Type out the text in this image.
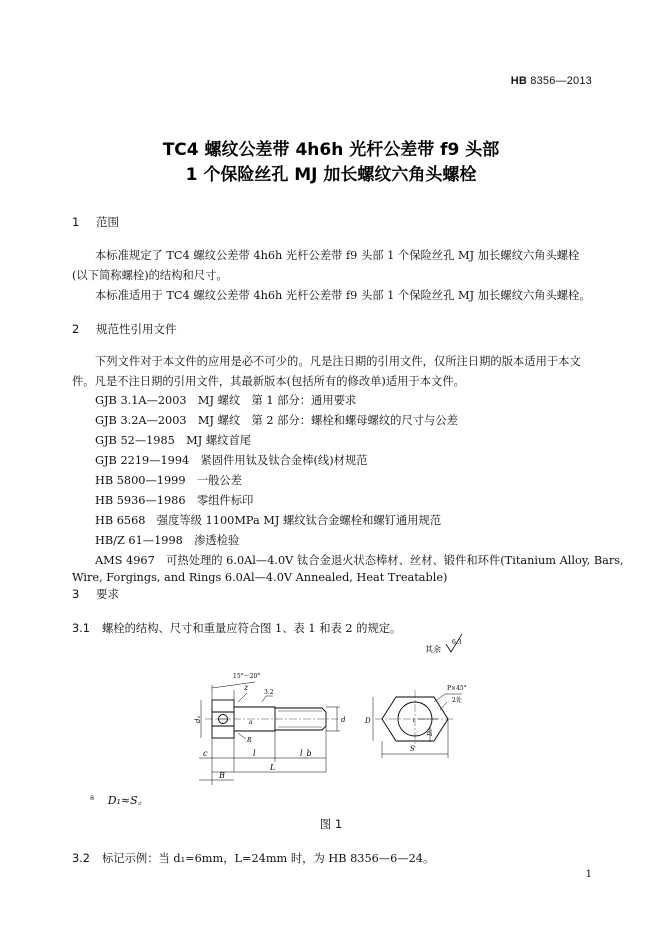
HB 8356—2013
TC4 螺纹公差带 4h6h 光杆公差带 f9 头部
1 个保险丝孔 MJ 加长螺纹六角头螺栓
1 范围
本标准规定了 TC4 螺纹公差带 4h6h 光杆公差带 f9 头部 1 个保险丝孔 MJ 加长螺纹六角头螺栓(以下简称螺栓)的结构和尺寸。
本标准适用于 TC4 螺纹公差带 4h6h 光杆公差带 f9 头部 1 个保险丝孔 MJ 加长螺纹六角头螺栓。
2 规范性引用文件
下列文件对于本文件的应用是必不可少的。凡是注日期的引用文件，仅所注日期的版本适用于本文件。凡是不注日期的引用文件，其最新版本(包括所有的修改单)适用于本文件。
GJB 3.1A—2003　MJ 螺纹　第 1 部分：通用要求
GJB 3.2A—2003　MJ 螺纹　第 2 部分：螺栓和螺母螺纹的尺寸与公差
GJB 52—1985　MJ 螺纹首尾
GJB 2219—1994　紧固件用钛及钛合金棒(线)材规范
HB 5800—1999　一般公差
HB 5936—1986　零组件标印
HB 6568　强度等级 1100MPa MJ 螺纹钛合金螺栓和螺钉通用规范
HB/Z 61—1998　渗透检验
AMS 4967　可热处理的 6.0Al—4.0V 钛合金退火状态棒材、丝材、锻件和环件(Titanium Alloy, Bars,
Wire, Forgings, and Rings 6.0Al—4.0V Annealed, Heat Treatable)
3 要求
3.1 螺栓的结构、尺寸和重量应符合图 1、表 1 和表 2 的规定。
其余
6.3
15°～20°
z
3.2
d₁	a	d
R
c	l	l_b
L
B
D
S
D₁
P×45°
2处
1
$^a$ D₁≈S。
图 1
3.2 标记示例：当 d₁=6mm，L=24mm 时，为 HB 8356—6—24。
1
